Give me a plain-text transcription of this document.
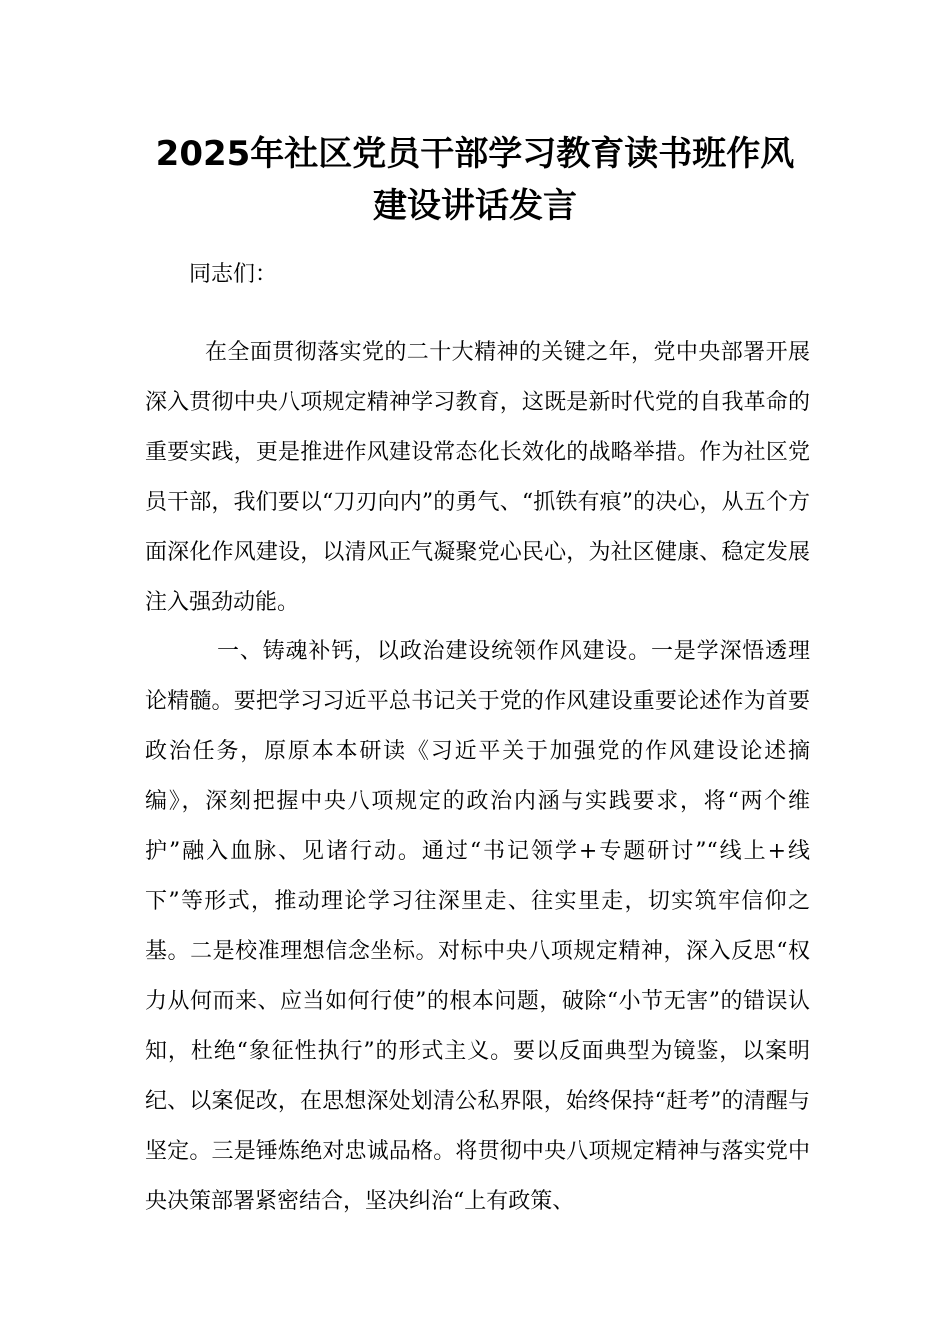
2025年社区党员干部学习教育读书班作风
建设讲话发言

同志们：

在全面贯彻落实党的二十大精神的关键之年，党中央部署开展深入贯彻中央八项规定精神学习教育，这既是新时代党的自我革命的重要实践，更是推进作风建设常态化长效化的战略举措。作为社区党员干部，我们要以“刀刃向内”的勇气、“抓铁有痕”的决心，从五个方面深化作风建设，以清风正气凝聚党心民心，为社区健康、稳定发展注入强劲动能。

一、铸魂补钙，以政治建设统领作风建设。一是学深悟透理论精髓。要把学习习近平总书记关于党的作风建设重要论述作为首要政治任务，原原本本研读《习近平关于加强党的作风建设论述摘编》，深刻把握中央八项规定的政治内涵与实践要求，将“两个维护”融入血脉、见诸行动。通过“书记领学+专题研讨”“线上+线下”等形式，推动理论学习往深里走、往实里走，切实筑牢信仰之基。二是校准理想信念坐标。对标中央八项规定精神，深入反思“权力从何而来、应当如何行使”的根本问题，破除“小节无害”的错误认知，杜绝“象征性执行”的形式主义。要以反面典型为镜鉴，以案明纪、以案促改，在思想深处划清公私界限，始终保持“赶考”的清醒与坚定。三是锤炼绝对忠诚品格。将贯彻中央八项规定精神与落实党中央决策部署紧密结合，坚决纠治“上有政策、
